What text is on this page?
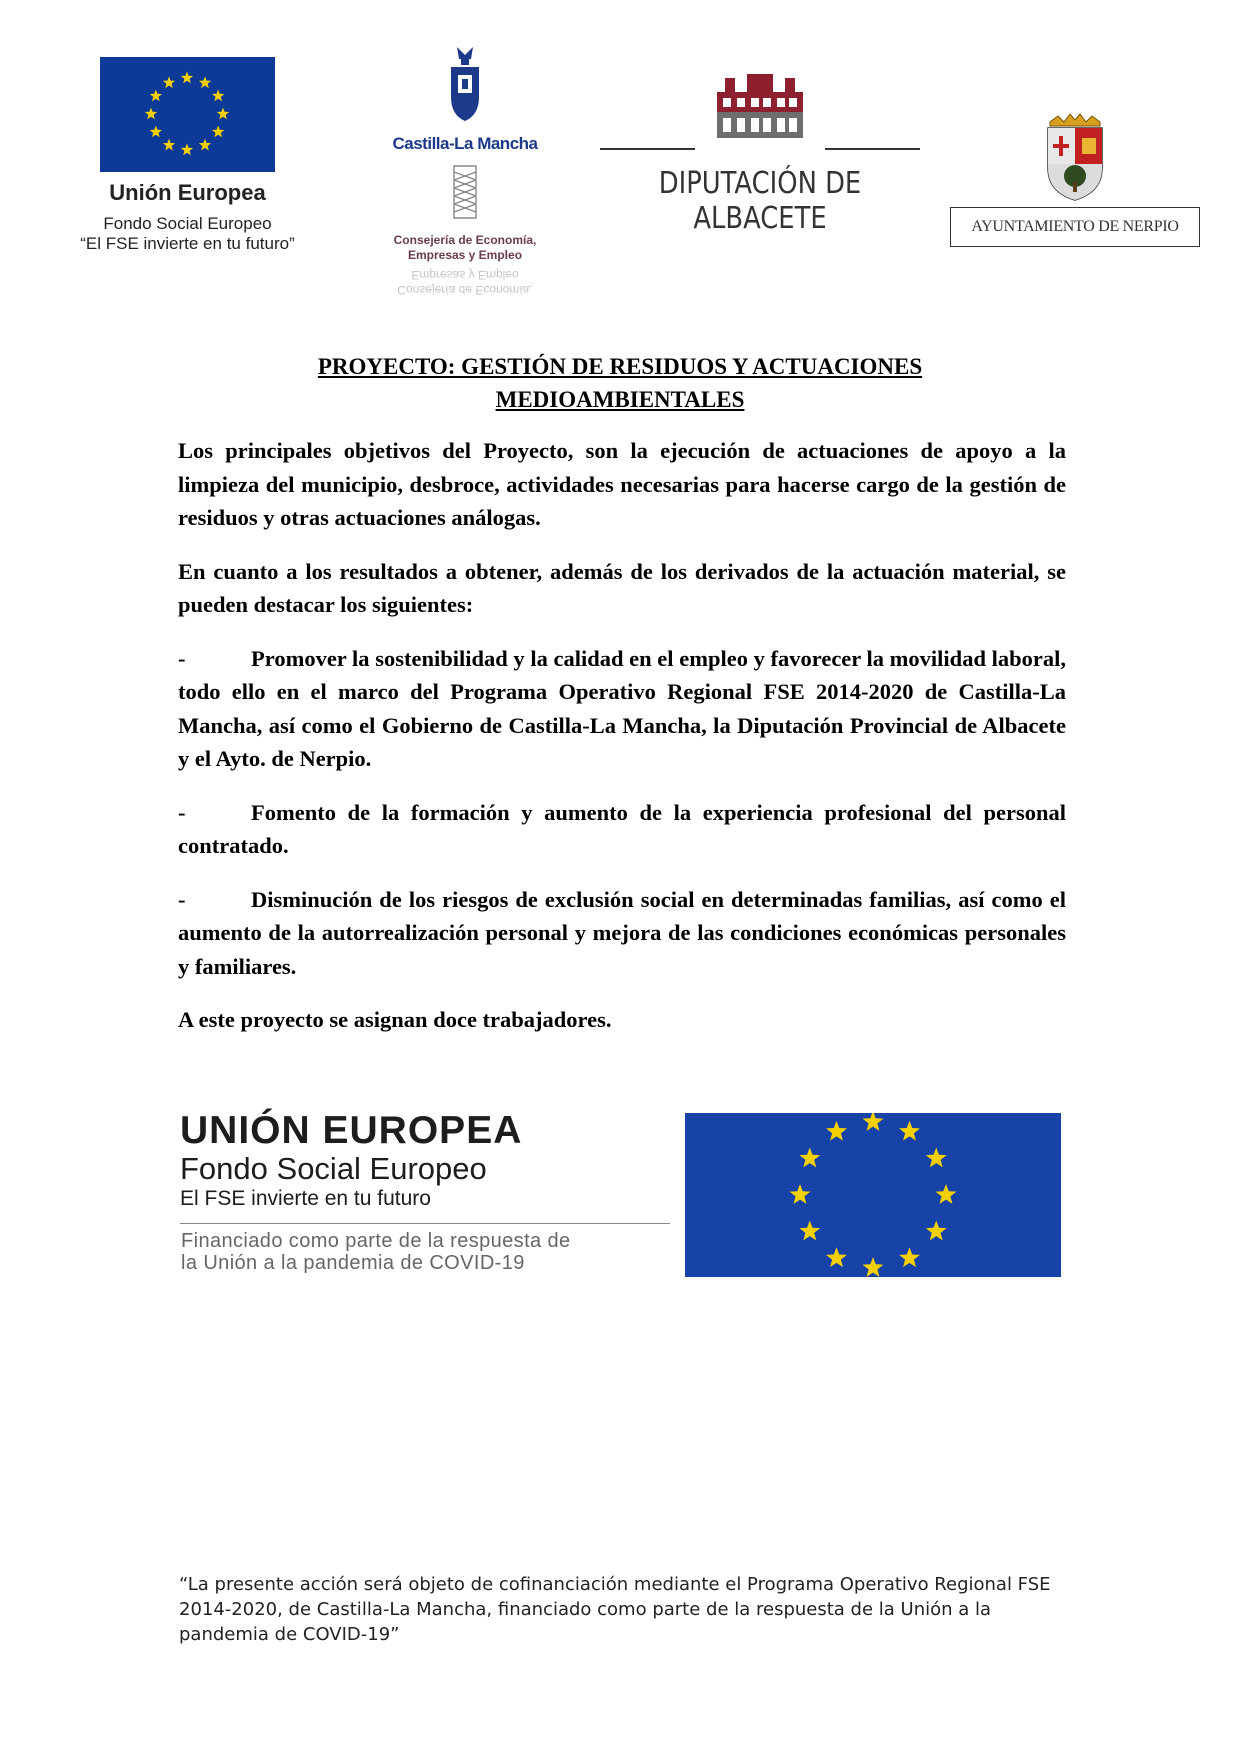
Unión Europea
Fondo Social Europeo
“El FSE invierte en tu futuro”
Castilla-La Mancha
Consejería de Economía,
Empresas y Empleo
Consejería de Economía,
Empresas y Empleo
DIPUTACIÓN DE ALBACETE	AYUNTAMIENTO DE NERPIO
PROYECTO: GESTIÓN DE RESIDUOS Y ACTUACIONES
MEDIOAMBIENTALES

Los principales objetivos del Proyecto, son la ejecución de actuaciones de apoyo a la limpieza del municipio, desbroce, actividades necesarias para hacerse cargo de la gestión de residuos y otras actuaciones análogas.

En cuanto a los resultados a obtener, además de los derivados de la actuación material, se pueden destacar los siguientes:

-	Promover la sostenibilidad y la calidad en el empleo y favorecer la movilidad laboral, todo ello en el marco del Programa Operativo Regional FSE 2014-2020 de Castilla-La Mancha, así como el Gobierno de Castilla-La Mancha, la Diputación Provincial de Albacete y el Ayto. de Nerpio.

-	Fomento de la formación y aumento de la experiencia profesional del personal contratado.

-	Disminución de los riesgos de exclusión social en determinadas familias, así como el aumento de la autorrealización personal y mejora de las condiciones económicas personales y familiares.

A este proyecto se asignan doce trabajadores.

UNIÓN EUROPEA
Fondo Social Europeo
El FSE invierte en tu futuro
Financiado como parte de la respuesta de
la Unión a la pandemia de COVID-19
“La presente acción será objeto de cofinanciación mediante el Programa Operativo Regional FSE 2014-2020, de Castilla-La Mancha, financiado como parte de la respuesta de la Unión a la pandemia de COVID-19”
